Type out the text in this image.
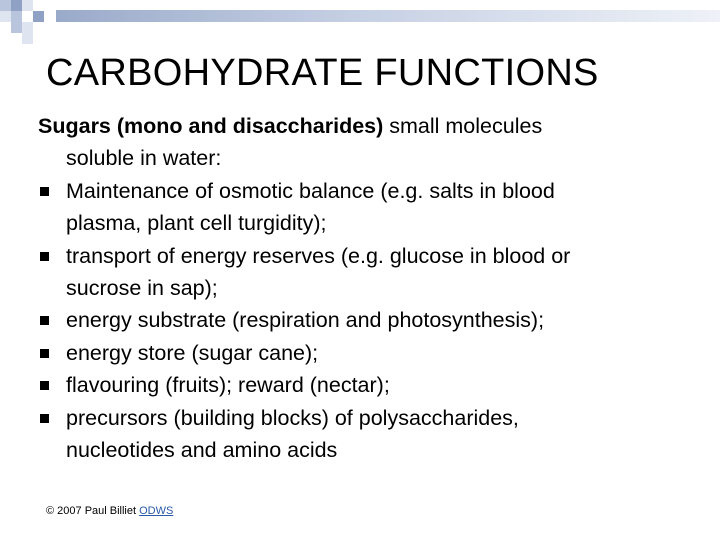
CARBOHYDRATE FUNCTIONS

Sugars (mono and disaccharides) small molecules
soluble in water:

Maintenance of osmotic balance (e.g. salts in blood
plasma, plant cell turgidity);
transport of energy reserves (e.g. glucose in blood or
sucrose in sap);
energy substrate (respiration and photosynthesis);
energy store (sugar cane);
flavouring (fruits); reward (nectar);
precursors (building blocks) of polysaccharides,
nucleotides and amino acids
© 2007 Paul Billiet ODWS
